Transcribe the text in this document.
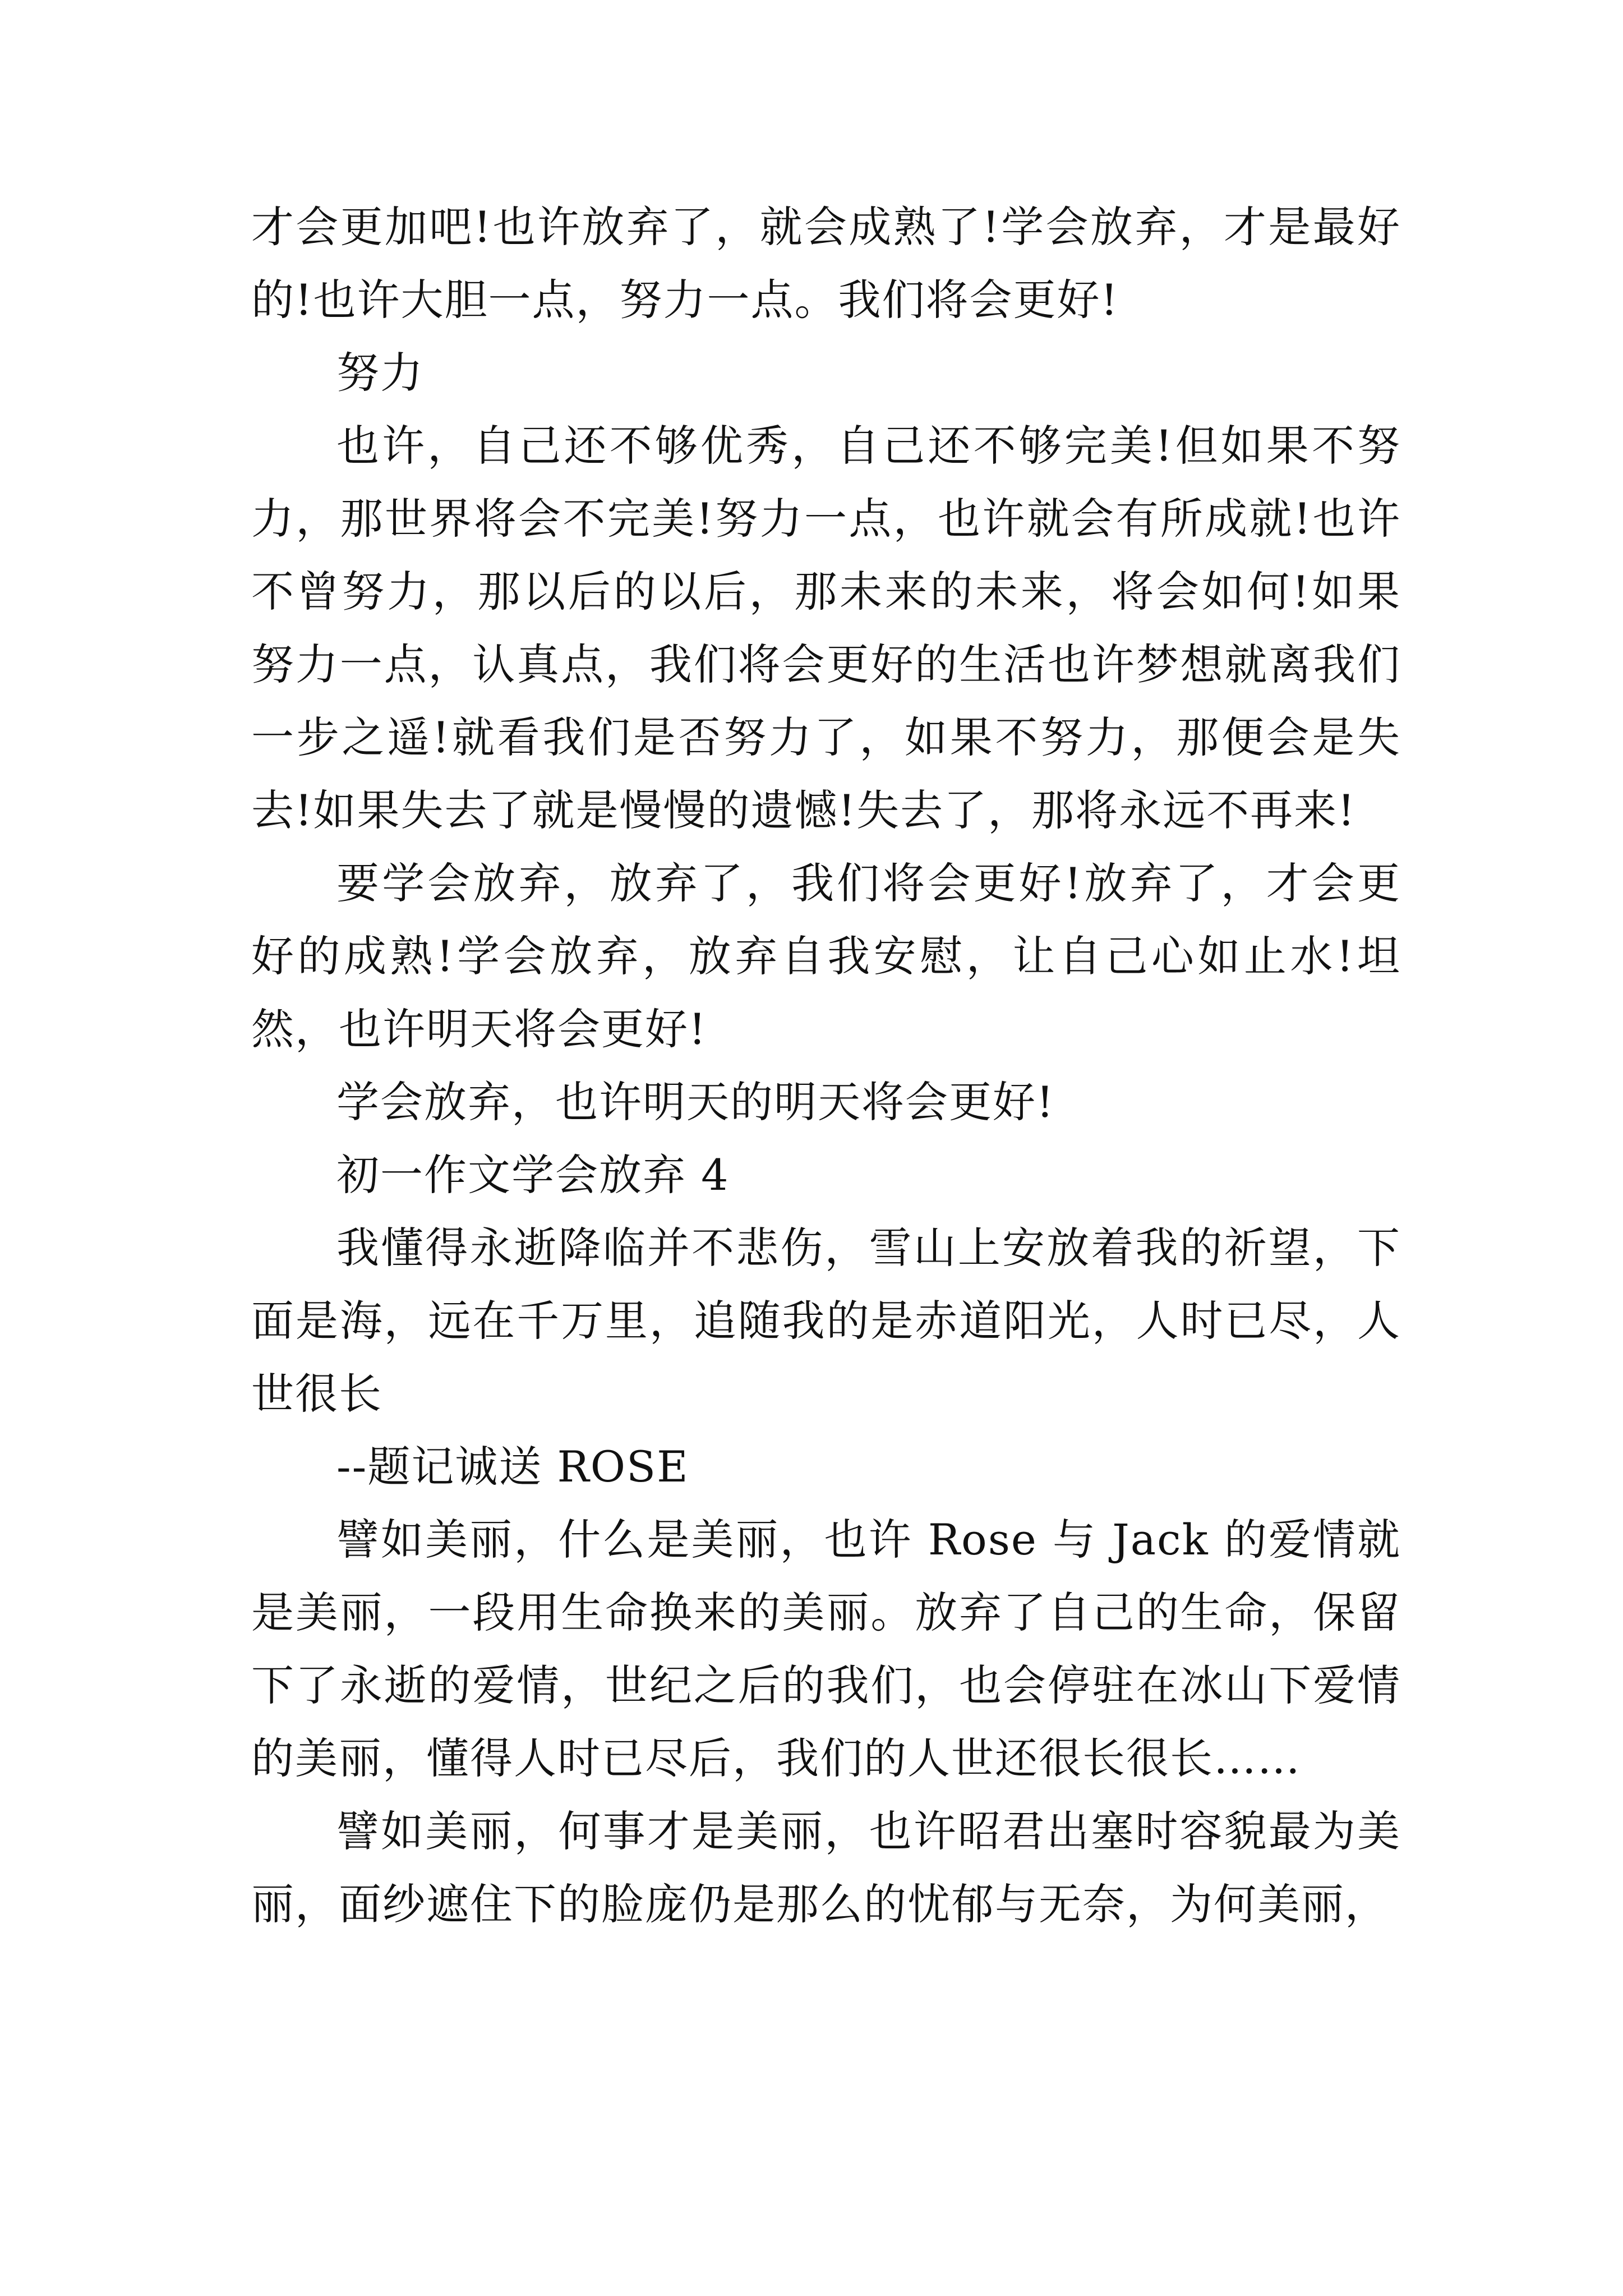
才会更加吧!也许放弃了，就会成熟了!学会放弃，才是最好的!也许大胆一点，努力一点。我们将会更好!

努力

也许，自己还不够优秀，自己还不够完美!但如果不努力，那世界将会不完美!努力一点，也许就会有所成就!也许不曾努力，那以后的以后，那未来的未来，将会如何!如果努力一点，认真点，我们将会更好的生活也许梦想就离我们一步之遥!就看我们是否努力了，如果不努力，那便会是失去!如果失去了就是慢慢的遗憾!失去了，那将永远不再来!

要学会放弃，放弃了，我们将会更好!放弃了，才会更好的成熟!学会放弃，放弃自我安慰，让自己心如止水!坦然，也许明天将会更好!

学会放弃，也许明天的明天将会更好!

初一作文学会放弃 4

我懂得永逝降临并不悲伤，雪山上安放着我的祈望，下面是海，远在千万里，追随我的是赤道阳光，人时已尽，人世很长

--题记诚送 ROSE

譬如美丽，什么是美丽，也许 Rose 与 Jack 的爱情就是美丽，一段用生命换来的美丽。放弃了自己的生命，保留下了永逝的爱情，世纪之后的我们，也会停驻在冰山下爱情的美丽，懂得人时已尽后，我们的人世还很长很长……

譬如美丽，何事才是美丽，也许昭君出塞时容貌最为美丽，面纱遮住下的脸庞仍是那么的忧郁与无奈，为何美丽，
